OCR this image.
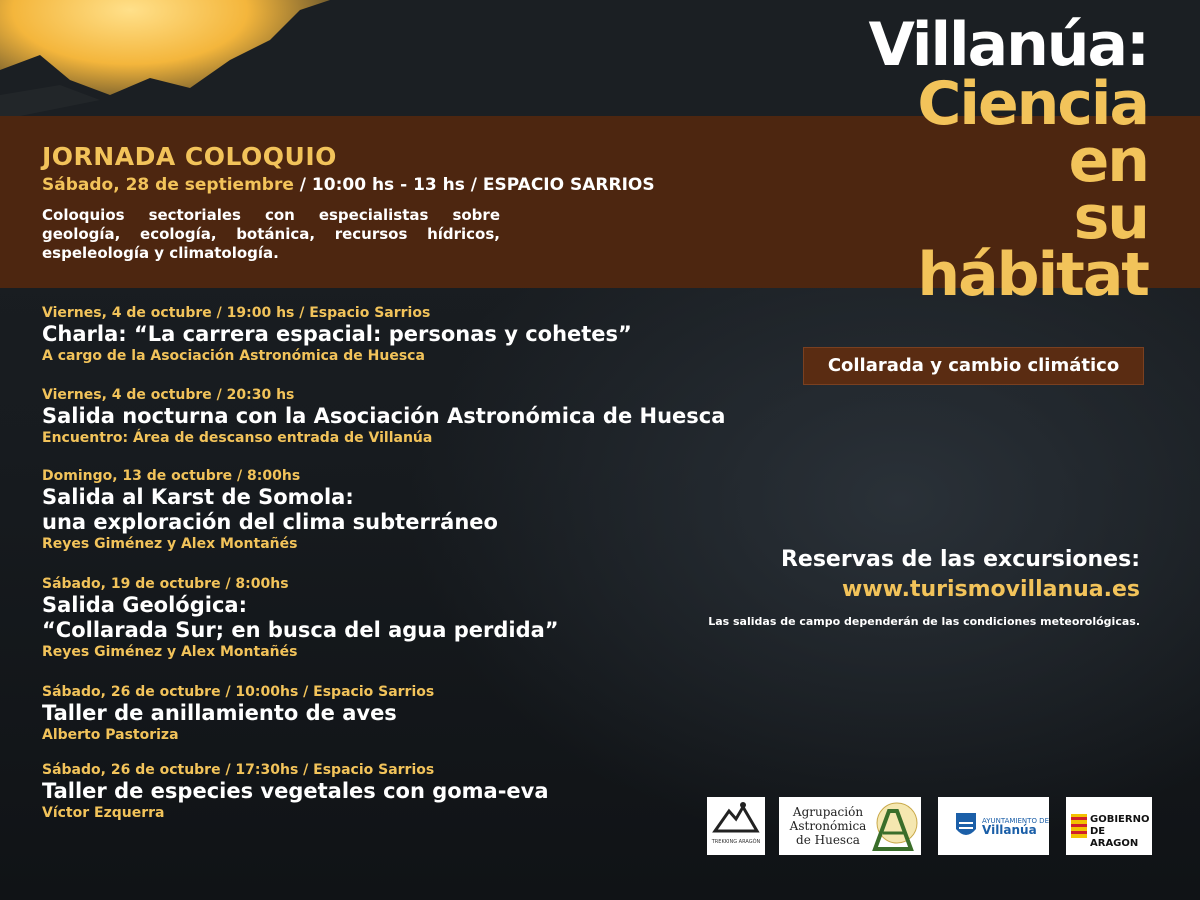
JORNADA COLOQUIO

Sábado, 28 de septiembre / 10:00 hs - 13 hs / ESPACIO SARRIOS

Coloquios sectoriales con especialistas sobre geología, ecología, botánica, recursos hídricos, espeleología y climatología.

Villanúa:
Ciencia
en
su
hábitat
Collarada y cambio climático
Viernes, 4 de octubre / 19:00 hs / Espacio Sarrios
Charla: “La carrera espacial: personas y cohetes”
A cargo de la Asociación Astronómica de Huesca
Viernes, 4 de octubre / 20:30 hs
Salida nocturna con la Asociación Astronómica de Huesca
Encuentro: Área de descanso entrada de Villanúa
Domingo, 13 de octubre / 8:00hs
Salida al Karst de Somola:
una exploración del clima subterráneo
Reyes Giménez y Alex Montañés
Sábado, 19 de octubre / 8:00hs
Salida Geológica:
“Collarada Sur; en busca del agua perdida”
Reyes Giménez y Alex Montañés
Sábado, 26 de octubre / 10:00hs / Espacio Sarrios
Taller de anillamiento de aves
Alberto Pastoriza
Sábado, 26 de octubre / 17:30hs / Espacio Sarrios
Taller de especies vegetales con goma-eva
Víctor Ezquerra
Reservas de las excursiones:
www.turismovillanua.es
Las salidas de campo dependerán de las condiciones meteorológicas.
TREKKING ARAGÓN
Agrupación Astronómica de Huesca
AYUNTAMIENTO DE
Villanúa
GOBIERNO
DE ARAGON
